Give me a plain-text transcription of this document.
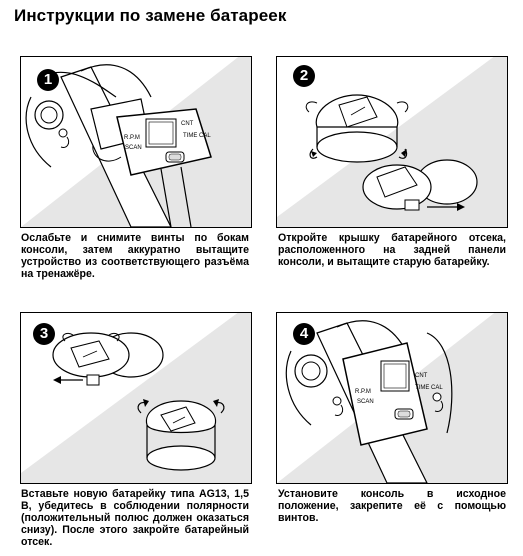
Инструкции по замене батареек
R.P.M
SCAN
CNT
TIME CAL
1	2
Ослабьте и снимите винты по бокам консоли, затем аккуратно вытащите устройство из соответствующего разъёма на тренажёре.
Откройте крышку батарейного отсека, расположенного на задней панели консоли, и вытащите старую батарейку.
3
R.P.M
SCAN
CNT
TIME CAL
4
Вставьте новую батарейку типа AG13, 1,5 В, убедитесь в соблюдении полярности (положительный полюс должен оказаться снизу). После этого закройте батарейный отсек.
Установите консоль в исходное положение, закрепите её с помощью винтов.
